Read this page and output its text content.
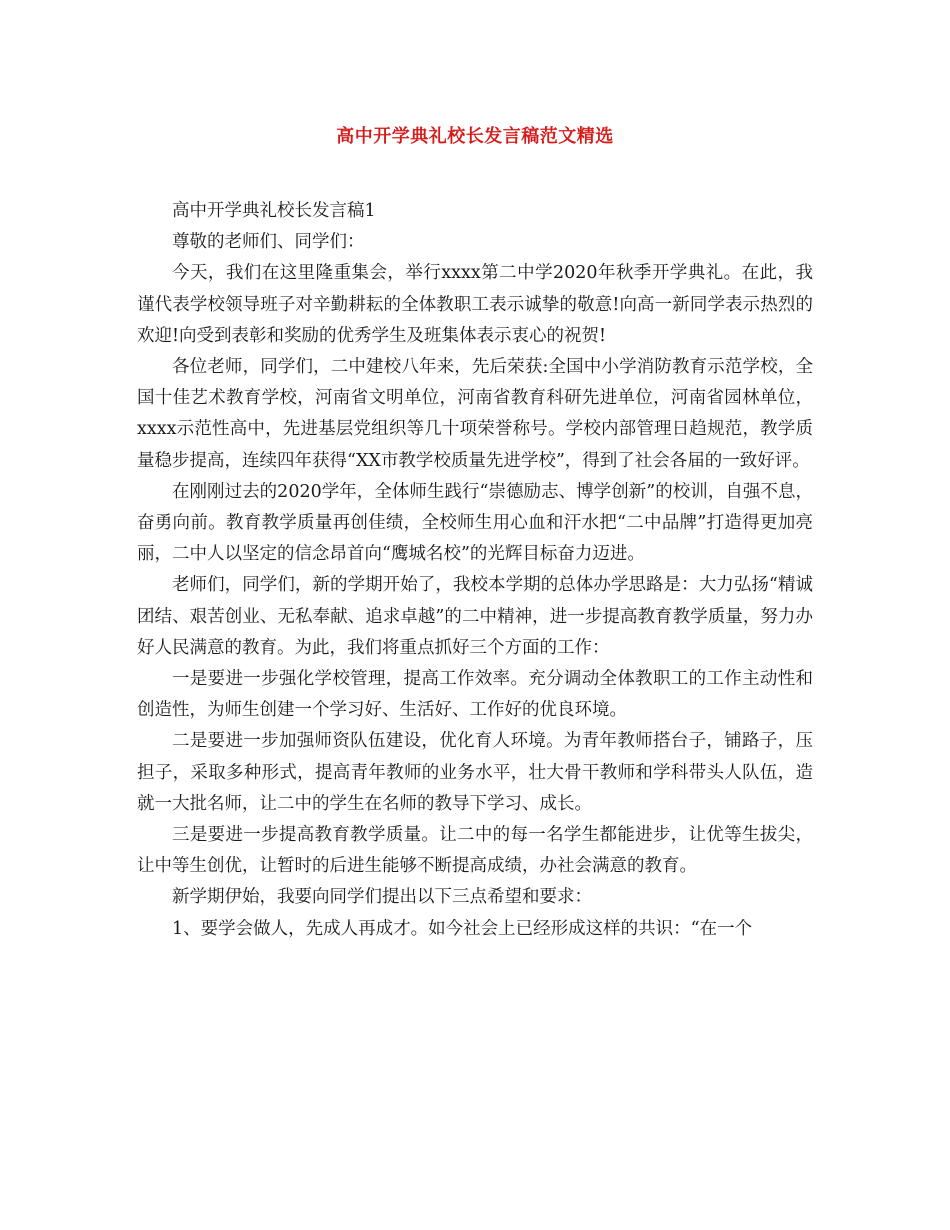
高中开学典礼校长发言稿范文精选

高中开学典礼校长发言稿1

尊敬的老师们、同学们：

今天，我们在这里隆重集会，举行xxxx第二中学2020年秋季开学典礼。在此，我谨代表学校领导班子对辛勤耕耘的全体教职工表示诚挚的敬意!向高一新同学表示热烈的欢迎!向受到表彰和奖励的优秀学生及班集体表示衷心的祝贺!

各位老师，同学们，二中建校八年来，先后荣获:全国中小学消防教育示范学校，全国十佳艺术教育学校，河南省文明单位，河南省教育科研先进单位，河南省园林单位，xxxx示范性高中，先进基层党组织等几十项荣誉称号。学校内部管理日趋规范，教学质量稳步提高，连续四年获得“XX市教学校质量先进学校”，得到了社会各届的一致好评。

在刚刚过去的2020学年，全体师生践行“崇德励志、博学创新”的校训，自强不息，奋勇向前。教育教学质量再创佳绩，全校师生用心血和汗水把“二中品牌”打造得更加亮丽，二中人以坚定的信念昂首向“鹰城名校”的光辉目标奋力迈进。

老师们，同学们，新的学期开始了，我校本学期的总体办学思路是：大力弘扬“精诚团结、艰苦创业、无私奉献、追求卓越”的二中精神，进一步提高教育教学质量，努力办好人民满意的教育。为此，我们将重点抓好三个方面的工作：

一是要进一步强化学校管理，提高工作效率。充分调动全体教职工的工作主动性和创造性，为师生创建一个学习好、生活好、工作好的优良环境。

二是要进一步加强师资队伍建设，优化育人环境。为青年教师搭台子，铺路子，压担子，采取多种形式，提高青年教师的业务水平，壮大骨干教师和学科带头人队伍，造就一大批名师，让二中的学生在名师的教导下学习、成长。

三是要进一步提高教育教学质量。让二中的每一名学生都能进步，让优等生拔尖，让中等生创优，让暂时的后进生能够不断提高成绩，办社会满意的教育。

新学期伊始，我要向同学们提出以下三点希望和要求：

1、要学会做人，先成人再成才。如今社会上已经形成这样的共识：“在一个
